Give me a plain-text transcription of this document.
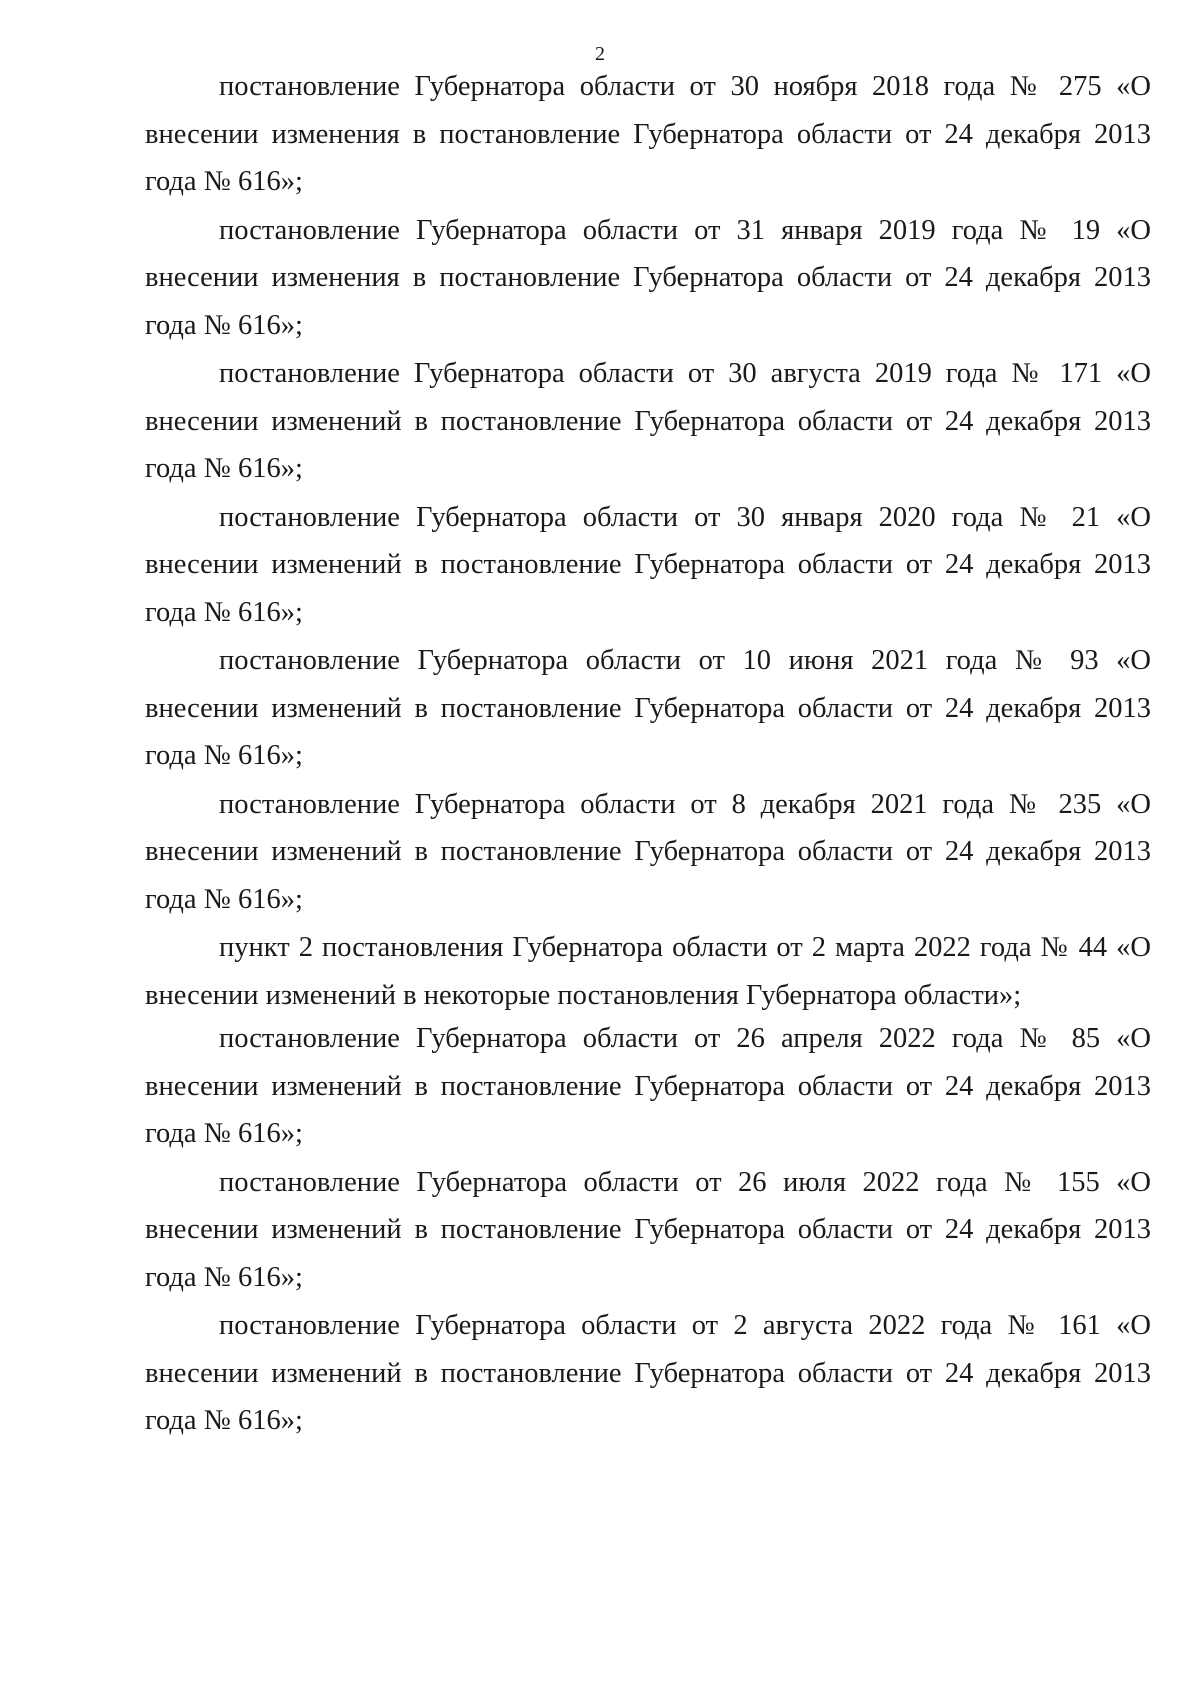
2

постановление Губернатора области от 30 ноября 2018 года № 275 «О внесении изменения в постановление Губернатора области от 24 декабря 2013 года № 616»;

постановление Губернатора области от 31 января 2019 года № 19 «О внесении изменения в постановление Губернатора области от 24 декабря 2013 года № 616»;

постановление Губернатора области от 30 августа 2019 года № 171 «О внесении изменений в постановление Губернатора области от 24 декабря 2013 года № 616»;

постановление Губернатора области от 30 января 2020 года № 21 «О внесении изменений в постановление Губернатора области от 24 декабря 2013 года № 616»;

постановление Губернатора области от 10 июня 2021 года № 93 «О внесении изменений в постановление Губернатора области от 24 декабря 2013 года № 616»;

постановление Губернатора области от 8 декабря 2021 года № 235 «О внесении изменений в постановление Губернатора области от 24 декабря 2013 года № 616»;

пункт 2 постановления Губернатора области от 2 марта 2022 года № 44 «О внесении изменений в некоторые постановления Губернатора области»;

постановление Губернатора области от 26 апреля 2022 года № 85 «О внесении изменений в постановление Губернатора области от 24 декабря 2013 года № 616»;

постановление Губернатора области от 26 июля 2022 года № 155 «О внесении изменений в постановление Губернатора области от 24 декабря 2013 года № 616»;

постановление Губернатора области от 2 августа 2022 года № 161 «О внесении изменений в постановление Губернатора области от 24 декабря 2013 года № 616»;
